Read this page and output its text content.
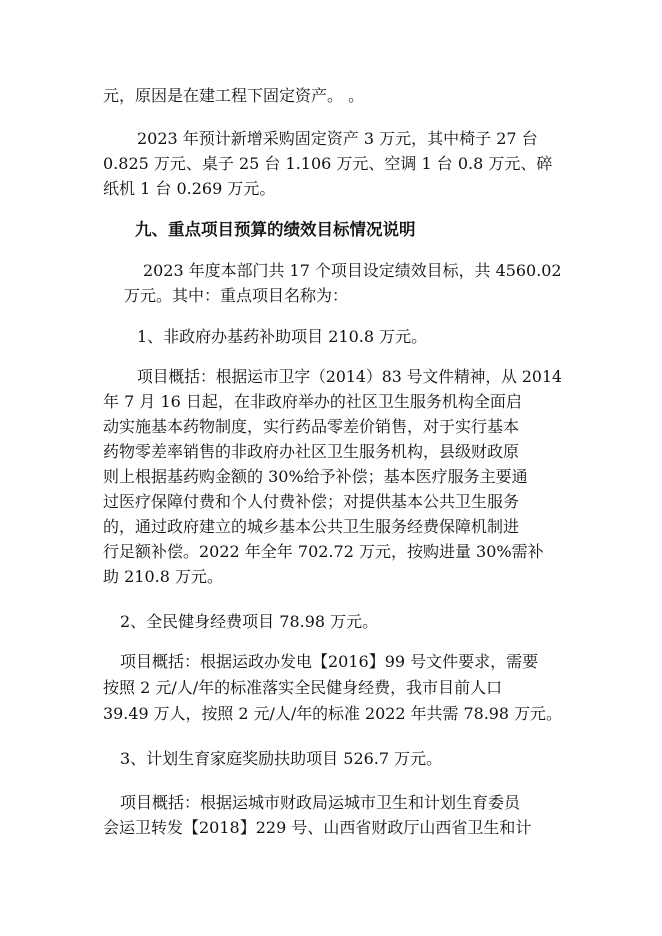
元，原因是在建工程下固定资产。 。

2023 年预计新增采购固定资产 3 万元，其中椅子 27 台

0.825 万元、桌子 25 台 1.106 万元、空调 1 台 0.8 万元、碎

纸机 1 台 0.269 万元。

九、重点项目预算的绩效目标情况说明

2023 年度本部门共 17 个项目设定绩效目标，共 4560.02

万元。其中：重点项目名称为：

1、非政府办基药补助项目 210.8 万元。

项目概括：根据运市卫字（2014）83 号文件精神，从 2014

年 7 月 16 日起，在非政府举办的社区卫生服务机构全面启

动实施基本药物制度，实行药品零差价销售，对于实行基本

药物零差率销售的非政府办社区卫生服务机构，县级财政原

则上根据基药购金额的 30%给予补偿；基本医疗服务主要通

过医疗保障付费和个人付费补偿；对提供基本公共卫生服务

的，通过政府建立的城乡基本公共卫生服务经费保障机制进

行足额补偿。2022 年全年 702.72 万元，按购进量 30%需补

助 210.8 万元。

2、全民健身经费项目 78.98 万元。

项目概括：根据运政办发电【2016】99 号文件要求，需要

按照 2 元/人/年的标准落实全民健身经费，我市目前人口

39.49 万人，按照 2 元/人/年的标准 2022 年共需 78.98 万元。

3、计划生育家庭奖励扶助项目 526.7 万元。

项目概括：根据运城市财政局运城市卫生和计划生育委员

会运卫转发【2018】229 号、山西省财政厅山西省卫生和计
